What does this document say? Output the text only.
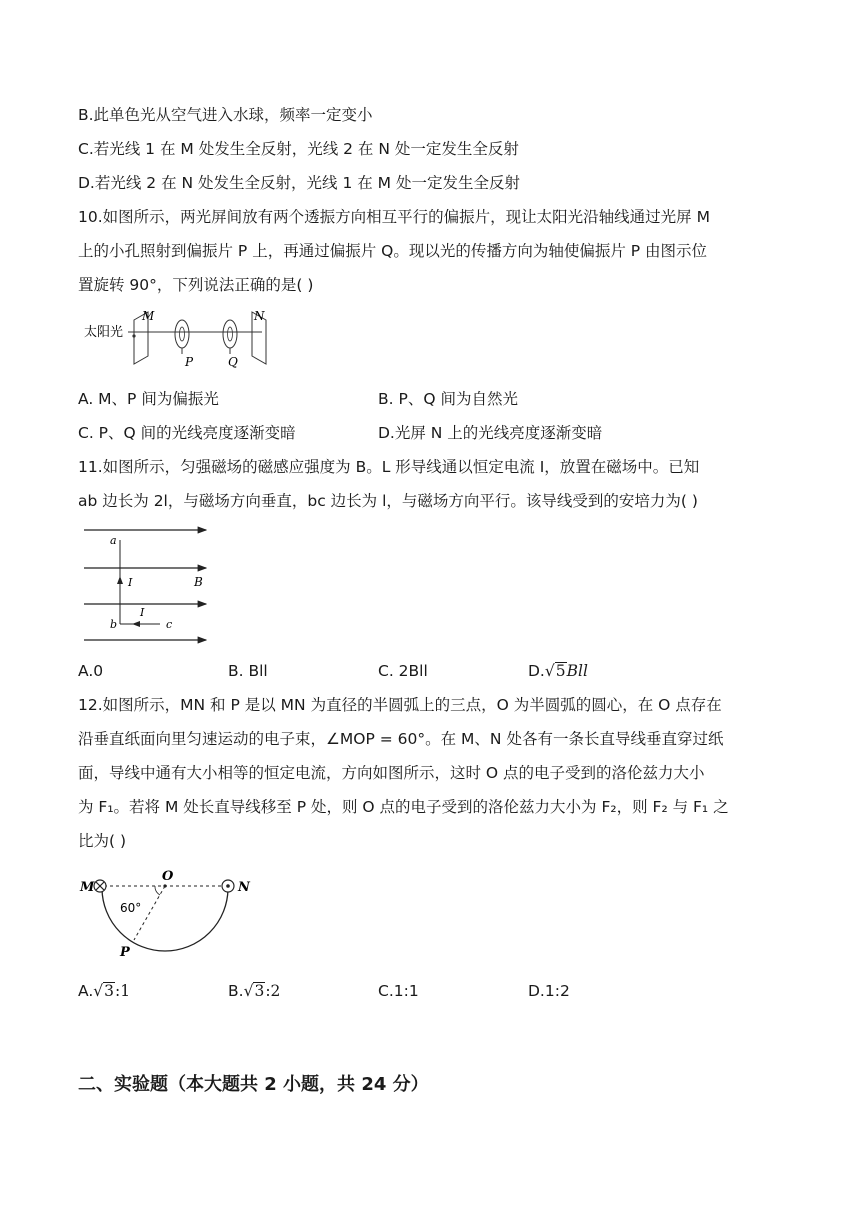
B.此单色光从空气进入水球，频率一定变小
C.若光线 1 在 M 处发生全反射，光线 2 在 N 处一定发生全反射
D.若光线 2 在 N 处发生全反射，光线 1 在 M 处一定发生全反射
10.如图所示，两光屏间放有两个透振方向相互平行的偏振片，现让太阳光沿轴线通过光屏 M
上的小孔照射到偏振片 P 上，再通过偏振片 Q。现以光的传播方向为轴使偏振片 P 由图示位
置旋转 90°，下列说法正确的是( )
太阳光
M
P	Q
N
A. M、P 间为偏振光	B. P、Q 间为自然光
C. P、Q 间的光线亮度逐渐变暗	D.光屏 N 上的光线亮度逐渐变暗
11.如图所示，匀强磁场的磁感应强度为 B。L 形导线通以恒定电流 I，放置在磁场中。已知
ab 边长为 2l，与磁场方向垂直，bc 边长为 l，与磁场方向平行。该导线受到的安培力为( )
a
b	c
I
I
B
A.0	B. Bll	C. 2Bll	D.√5Bll
12.如图所示，MN 和 P 是以 MN 为直径的半圆弧上的三点，O 为半圆弧的圆心，在 O 点存在
沿垂直纸面向里匀速运动的电子束，∠MOP = 60°。在 M、N 处各有一条长直导线垂直穿过纸
面，导线中通有大小相等的恒定电流，方向如图所示，这时 O 点的电子受到的洛伦兹力大小
为 F₁。若将 M 处长直导线移至 P 处，则 O 点的电子受到的洛伦兹力大小为 F₂，则 F₂ 与 F₁ 之
比为( )
M
O
N
P
60°
A.√3:1	B.√3:2	C.1:1	D.1:2
二、实验题（本大题共 2 小题，共 24 分）
